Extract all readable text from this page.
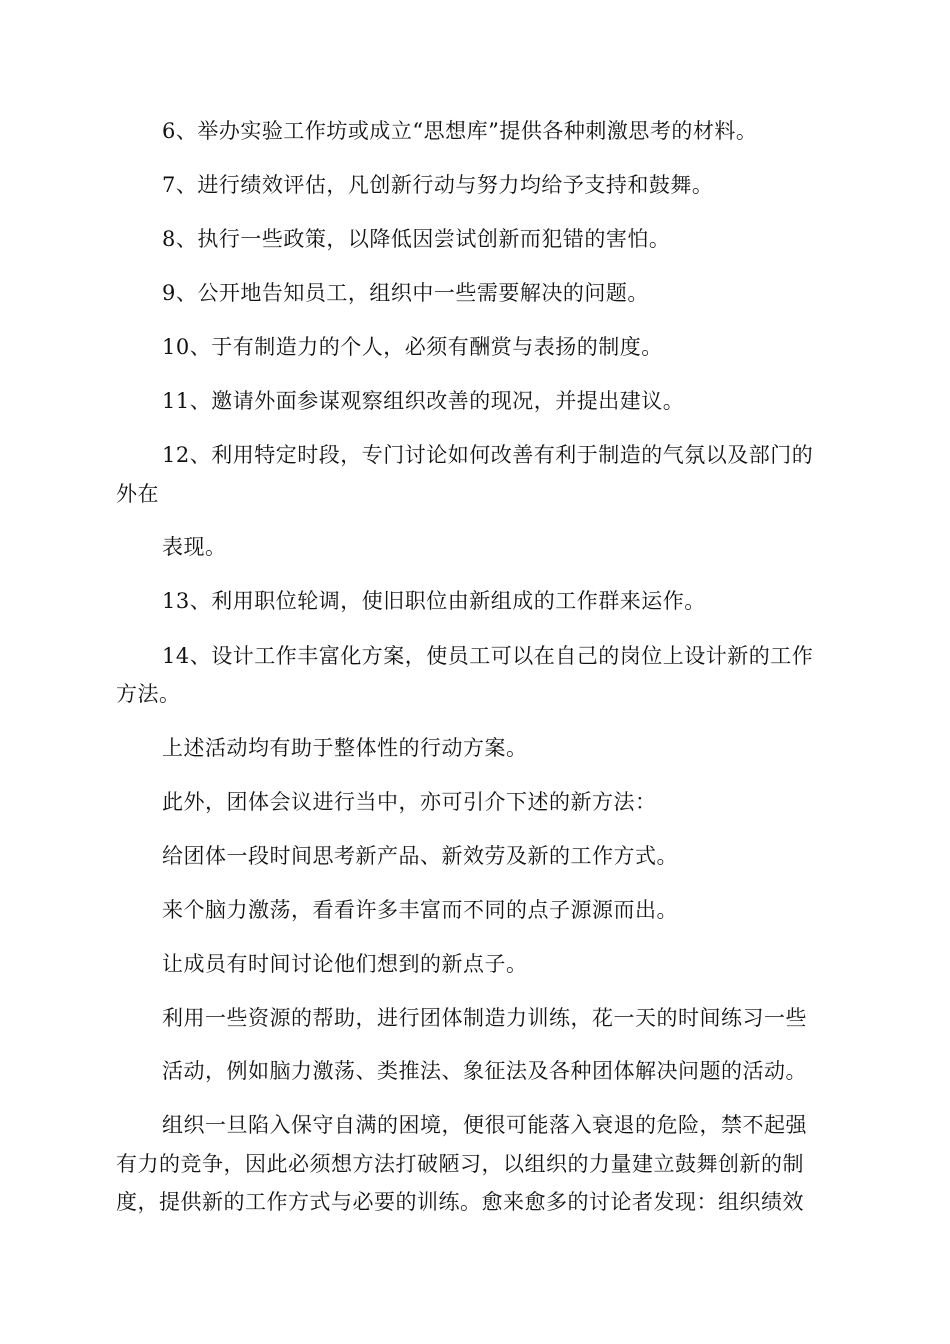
6、举办实验工作坊或成立“思想库”提供各种刺激思考的材料。
7、进行绩效评估，凡创新行动与努力均给予支持和鼓舞。
8、执行一些政策，以降低因尝试创新而犯错的害怕。
9、公开地告知员工，组织中一些需要解决的问题。
10、于有制造力的个人，必须有酬赏与表扬的制度。
11、邀请外面参谋观察组织改善的现况，并提出建议。
12、利用特定时段，专门讨论如何改善有利于制造的气氛以及部门的
外在
表现。
13、利用职位轮调，使旧职位由新组成的工作群来运作。
14、设计工作丰富化方案，使员工可以在自己的岗位上设计新的工作
方法。
上述活动均有助于整体性的行动方案。
此外，团体会议进行当中，亦可引介下述的新方法：
给团体一段时间思考新产品、新效劳及新的工作方式。
来个脑力激荡，看看许多丰富而不同的点子源源而出。
让成员有时间讨论他们想到的新点子。
利用一些资源的帮助，进行团体制造力训练，花一天的时间练习一些
活动，例如脑力激荡、类推法、象征法及各种团体解决问题的活动。
组织一旦陷入保守自满的困境，便很可能落入衰退的危险，禁不起强
有力的竞争，因此必须想方法打破陋习，以组织的力量建立鼓舞创新的制
度，提供新的工作方式与必要的训练。愈来愈多的讨论者发现：组织绩效
